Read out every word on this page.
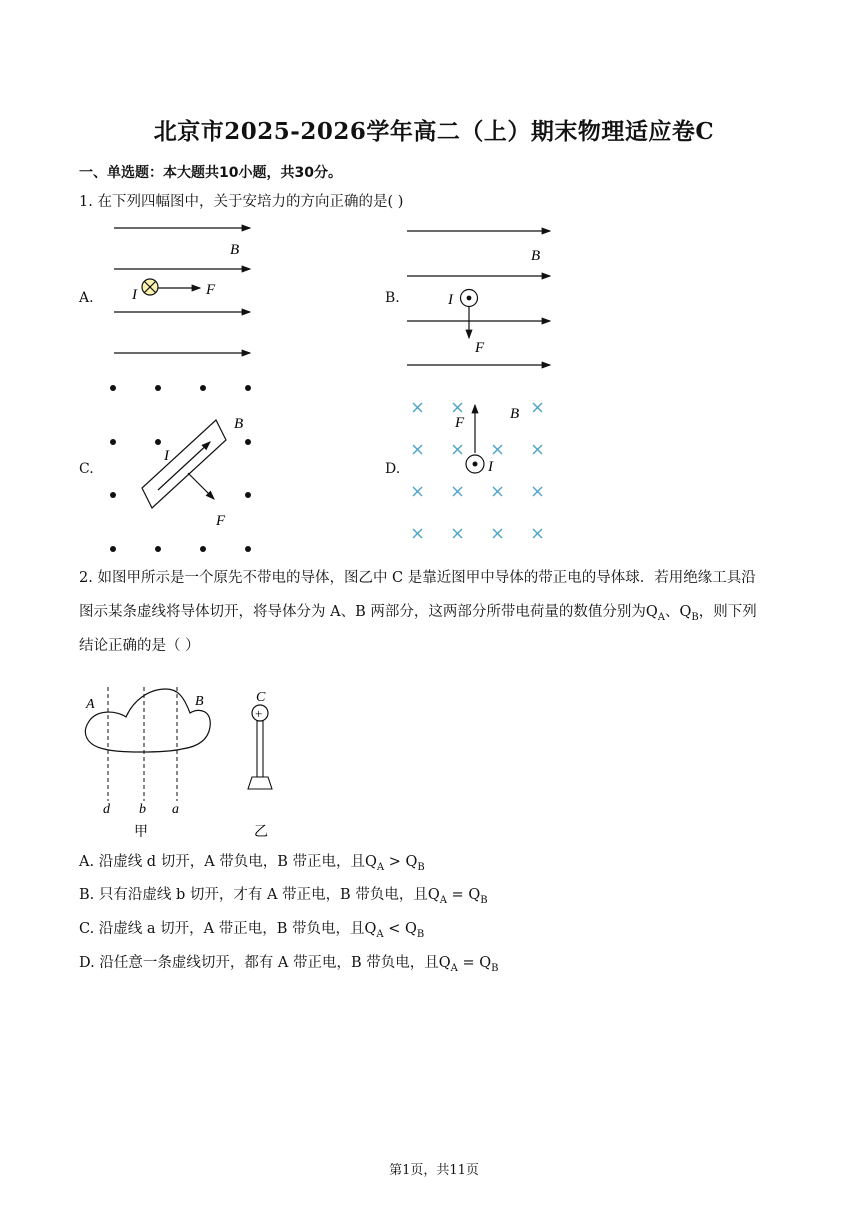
北京市2025-2026学年高二（上）期末物理适应卷C
一、单选题：本大题共10小题，共30分。
1. 在下列四幅图中，关于安培力的方向正确的是( )
A.	B.
C.	D.
B
I	F
B
I
F
I
B
F
B
F
I
2. 如图甲所示是一个原先不带电的导体，图乙中 C 是靠近图甲中导体的带正电的导体球．若用绝缘工具沿
图示某条虚线将导体切开，将导体分为 A、B 两部分，这两部分所带电荷量的数值分别为$Q_A$、$Q_B$，则下列
结论正确的是（ ）
A	B
d b a
甲
C
+
乙
A. 沿虚线 d 切开，A 带负电，B 带正电，且$Q_A > Q_B$
B. 只有沿虚线 b 切开，才有 A 带正电，B 带负电，且$Q_A = Q_B$
C. 沿虚线 a 切开，A 带正电，B 带负电，且$Q_A < Q_B$
D. 沿任意一条虚线切开，都有 A 带正电，B 带负电，且$Q_A = Q_B$
第1页，共11页
